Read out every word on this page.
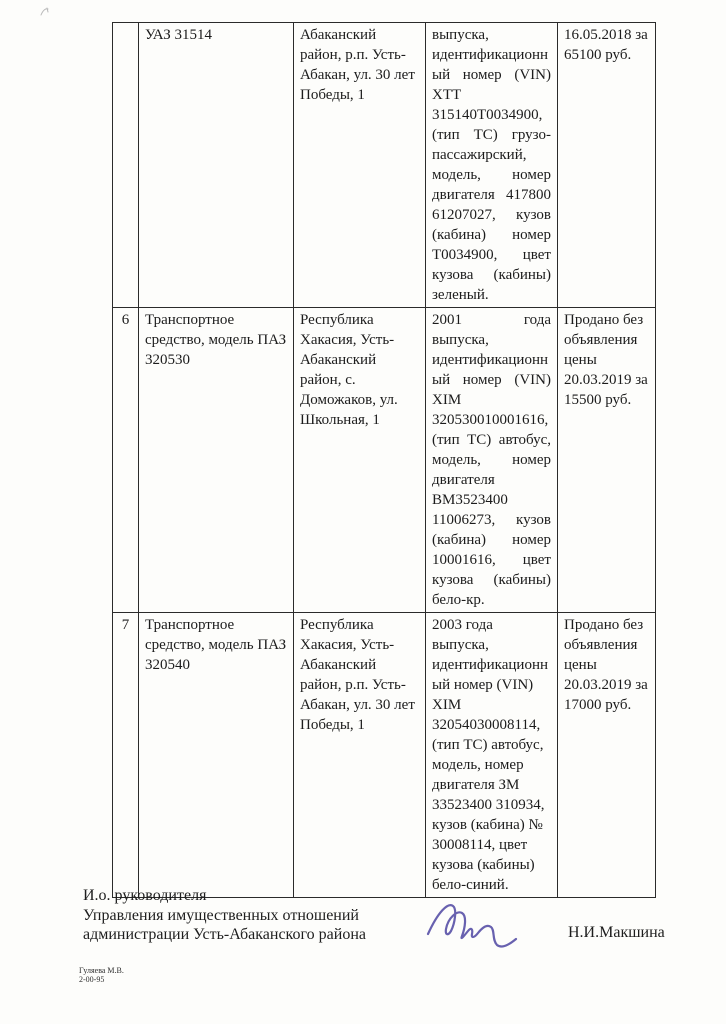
	УАЗ 31514	Абаканский район, р.п. Усть-Абакан, ул. 30 лет Победы, 1	выпуска, идентификационный номер (VIN) XTT 315140T0034900, (тип ТС) грузо-пассажирский, модель, номер двигателя 417800 61207027, кузов (кабина) номер T0034900, цвет кузова (кабины) зеленый.	16.05.2018 за 65100 руб.
6	Транспортное средство, модель ПАЗ 320530	Республика Хакасия, Усть-Абаканский район, с. Доможаков, ул. Школьная, 1	2001 года выпуска, идентификационный номер (VIN) XIM 320530010001616, (тип ТС) автобус, модель, номер двигателя ВМ3523400 11006273, кузов (кабина) номер 10001616, цвет кузова (кабины) бело-кр.	Продано без объявления цены 20.03.2019 за 15500 руб.
7	Транспортное средство, модель ПАЗ 320540	Республика Хакасия, Усть-Абаканский район, р.п. Усть-Абакан, ул. 30 лет Победы, 1	2003 года выпуска, идентификационный номер (VIN) XIM 32054030008114, (тип ТС) автобус, модель, номер двигателя ЗМ 33523400 310934, кузов (кабина) № 30008114, цвет кузова (кабины) бело-синий.	Продано без объявления цены 20.03.2019 за 17000 руб.
И.о. руководителя
Управления имущественных отношений
администрации Усть-Абаканского района	Н.И.Макшина
Гуляева М.В.
2-00-95
